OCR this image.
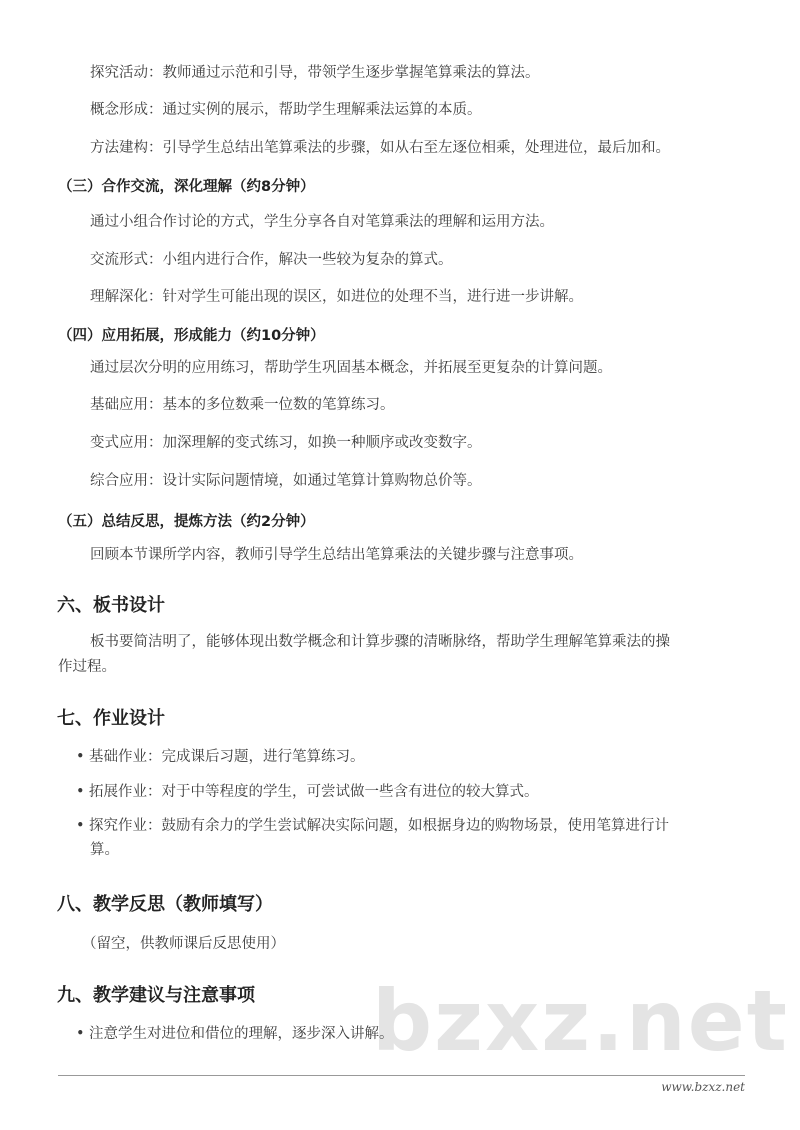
bzxz.net
探究活动：教师通过示范和引导，带领学生逐步掌握笔算乘法的算法。
概念形成：通过实例的展示，帮助学生理解乘法运算的本质。
方法建构：引导学生总结出笔算乘法的步骤，如从右至左逐位相乘，处理进位，最后加和。
（三）合作交流，深化理解（约8分钟）
通过小组合作讨论的方式，学生分享各自对笔算乘法的理解和运用方法。
交流形式：小组内进行合作，解决一些较为复杂的算式。
理解深化：针对学生可能出现的误区，如进位的处理不当，进行进一步讲解。
（四）应用拓展，形成能力（约10分钟）
通过层次分明的应用练习，帮助学生巩固基本概念，并拓展至更复杂的计算问题。
基础应用：基本的多位数乘一位数的笔算练习。
变式应用：加深理解的变式练习，如换一种顺序或改变数字。
综合应用：设计实际问题情境，如通过笔算计算购物总价等。
（五）总结反思，提炼方法（约2分钟）
回顾本节课所学内容，教师引导学生总结出笔算乘法的关键步骤与注意事项。
六、板书设计
板书要简洁明了，能够体现出数学概念和计算步骤的清晰脉络，帮助学生理解笔算乘法的操
作过程。
七、作业设计
• 基础作业：完成课后习题，进行笔算练习。
• 拓展作业：对于中等程度的学生，可尝试做一些含有进位的较大算式。
• 探究作业：鼓励有余力的学生尝试解决实际问题，如根据身边的购物场景，使用笔算进行计
算。
八、教学反思（教师填写）
（留空，供教师课后反思使用）
九、教学建议与注意事项
• 注意学生对进位和借位的理解，逐步深入讲解。
www.bzxz.net
